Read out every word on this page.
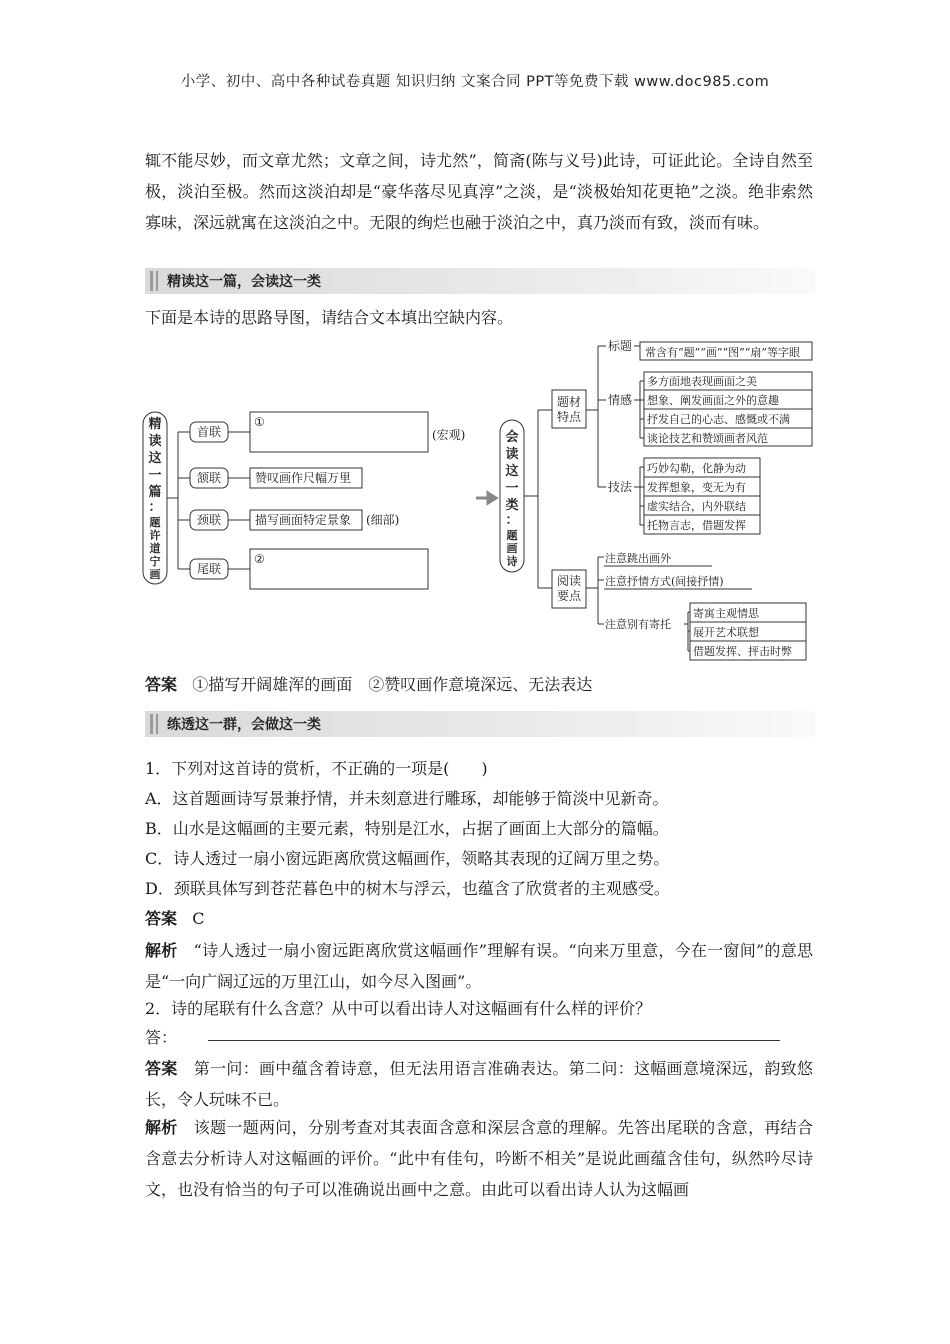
小学、初中、高中各种试卷真题 知识归纳 文案合同 PPT等免费下载 www.doc985.com
辄不能尽妙，而文章尤然；文章之间，诗尤然”，简斋(陈与义号)此诗，可证此论。全诗自然至极，淡泊至极。然而这淡泊却是“豪华落尽见真淳”之淡，是“淡极始知花更艳”之淡。绝非索然寡味，深远就寓在这淡泊之中。无限的绚烂也融于淡泊之中，真乃淡而有致，淡而有味。
精读这一篇，会读这一类
下面是本诗的思路导图，请结合文本填出空缺内容。
精
读
这
一
篇
：
题
许
道
宁
画
首联
颔联
颈联
尾联
①
(宏观)
赞叹画作尺幅万里
描写画面特定景象 (细部)
②
会
读
这
一
类
：
题
画
诗
题材
特点
阅读
要点
标题
情感
技法
常含有“题”“画”“图”“扇”等字眼
多方面地表现画面之美
想象、阐发画面之外的意趣
抒发自己的心志、感慨或不满
谈论技艺和赞颂画者风范
巧妙勾勒，化静为动
发挥想象，变无为有
虚实结合，内外联结
托物言志，借题发挥
注意跳出画外
注意抒情方式(间接抒情)
注意别有寄托
寄寓主观情思
展开艺术联想
借题发挥、抨击时弊
答案 ①描写开阔雄浑的画面　②赞叹画作意境深远、无法表达
练透这一群，会做这一类
1．下列对这首诗的赏析，不正确的一项是(　　)
A．这首题画诗写景兼抒情，并未刻意进行雕琢，却能够于简淡中见新奇。
B．山水是这幅画的主要元素，特别是江水，占据了画面上大部分的篇幅。
C．诗人透过一扇小窗远距离欣赏这幅画作，领略其表现的辽阔万里之势。
D．颈联具体写到苍茫暮色中的树木与浮云，也蕴含了欣赏者的主观感受。
答案 C
解析 “诗人透过一扇小窗远距离欣赏这幅画作”理解有误。“向来万里意，今在一窗间”的意思是“一向广阔辽远的万里江山，如今尽入图画”。
2．诗的尾联有什么含意？从中可以看出诗人对这幅画有什么样的评价？
答：
答案 第一问：画中蕴含着诗意，但无法用语言准确表达。第二问：这幅画意境深远，韵致悠长，令人玩味不已。
解析 该题一题两问，分别考查对其表面含意和深层含意的理解。先答出尾联的含意，再结合含意去分析诗人对这幅画的评价。“此中有佳句，吟断不相关”是说此画蕴含佳句，纵然吟尽诗文，也没有恰当的句子可以准确说出画中之意。由此可以看出诗人认为这幅画
